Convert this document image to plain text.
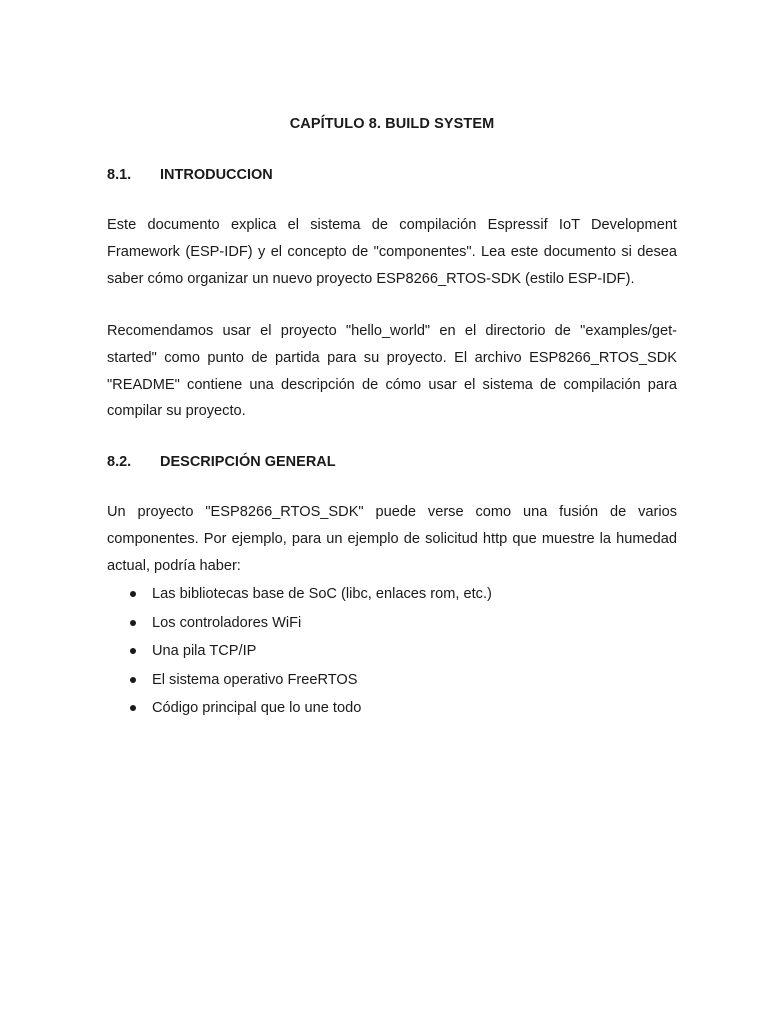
CAPÍTULO 8. BUILD SYSTEM
8.1. INTRODUCCION

Este documento explica el sistema de compilación Espressif IoT Development Framework (ESP-IDF) y el concepto de "componentes". Lea este documento si desea saber cómo organizar un nuevo proyecto ESP8266_RTOS-SDK (estilo ESP-IDF).

Recomendamos usar el proyecto "hello_world" en el directorio de "examples/get-started" como punto de partida para su proyecto. El archivo ESP8266_RTOS_SDK "README" contiene una descripción de cómo usar el sistema de compilación para compilar su proyecto.

8.2. DESCRIPCIÓN GENERAL

Un proyecto "ESP8266_RTOS_SDK" puede verse como una fusión de varios componentes. Por ejemplo, para un ejemplo de solicitud http que muestre la humedad actual, podría haber:

Las bibliotecas base de SoC (libc, enlaces rom, etc.)
Los controladores WiFi
Una pila TCP/IP
El sistema operativo FreeRTOS
Código principal que lo une todo
